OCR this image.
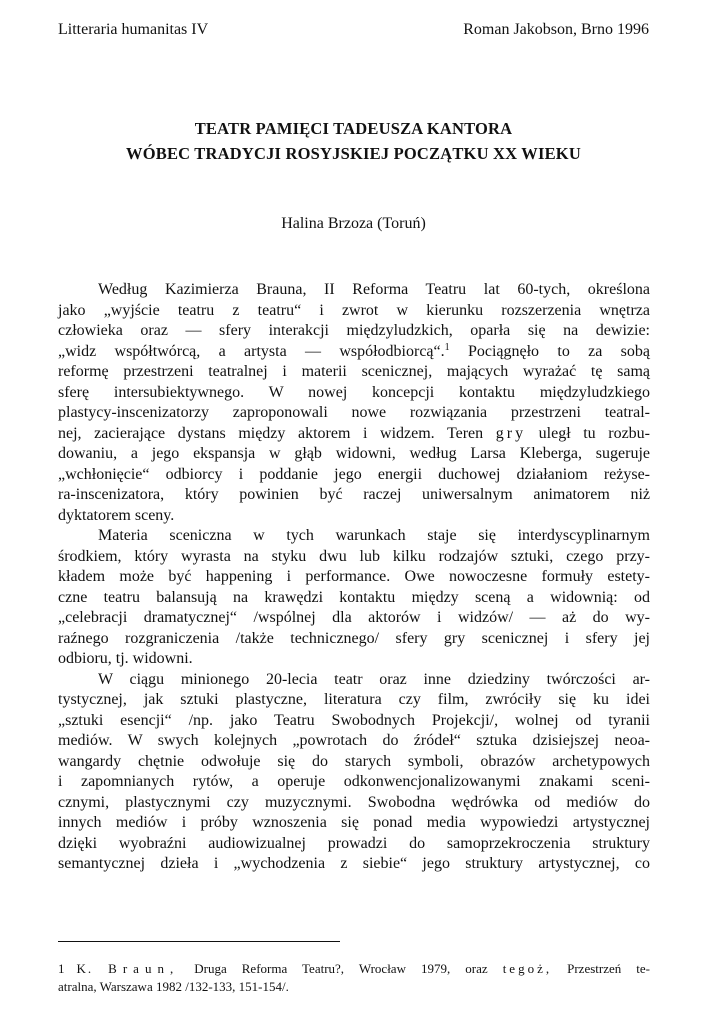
Litteraria humanitas IV	Roman Jakobson, Brno 1996
TEATR PAMIĘCI TADEUSZA KANTORA
WÓBEC TRADYCJI ROSYJSKIEJ POCZĄTKU XX WIEKU
Halina Brzoza (Toruń)

Według Kazimierza Brauna, II Reforma Teatru lat 60-tych, określona
jako „wyjście teatru z teatru“ i zwrot w kierunku rozszerzenia wnętrza
człowieka oraz — sfery interakcji międzyludzkich, oparła się na dewizie:
„widz współtwórcą, a artysta — współodbiorcą“.$^1$ Pociągnęło to za sobą
reformę przestrzeni teatralnej i materii scenicznej, mających wyrażać tę samą
sferę intersubiektywnego. W nowej koncepcji kontaktu międzyludzkiego
plastycy-inscenizatorzy zaproponowali nowe rozwiązania przestrzeni teatral-
nej, zacierające dystans między aktorem i widzem. Teren gry uległ tu rozbu-
dowaniu, a jego ekspansja w głąb widowni, według Larsa Kleberga, sugeruje
„wchłonięcie“ odbiorcy i poddanie jego energii duchowej działaniom reżyse-
ra-inscenizatora, który powinien być raczej uniwersalnym animatorem niż
dyktatorem sceny.

Materia sceniczna w tych warunkach staje się interdyscyplinarnym
środkiem, który wyrasta na styku dwu lub kilku rodzajów sztuki, czego przy-
kładem może być happening i performance. Owe nowoczesne formuły estety-
czne teatru balansują na krawędzi kontaktu między sceną a widownią: od
„celebracji dramatycznej“ /wspólnej dla aktorów i widzów/ — aż do wy-
raźnego rozgraniczenia /także technicznego/ sfery gry scenicznej i sfery jej
odbioru, tj. widowni.

W ciągu minionego 20-lecia teatr oraz inne dziedziny twórczości ar-
tystycznej, jak sztuki plastyczne, literatura czy film, zwróciły się ku idei
„sztuki esencji“ /np. jako Teatru Swobodnych Projekcji/, wolnej od tyranii
mediów. W swych kolejnych „powrotach do źródeł“ sztuka dzisiejszej neoa-
wangardy chętnie odwołuje się do starych symboli, obrazów archetypowych
i zapomnianych rytów, a operuje odkonwencjonalizowanymi znakami sceni-
cznymi, plastycznymi czy muzycznymi. Swobodna wędrówka od mediów do
innych mediów i próby wznoszenia się ponad media wypowiedzi artystycznej
dzięki wyobraźni audiowizualnej prowadzi do samoprzekroczenia struktury
semantycznej dzieła i „wychodzenia z siebie“ jego struktury artystycznej, co

1 K. Braun, Druga Reforma Teatru?, Wrocław 1979, oraz tegoż, Przestrzeń te-
atralna, Warszawa 1982 /132-133, 151-154/.
